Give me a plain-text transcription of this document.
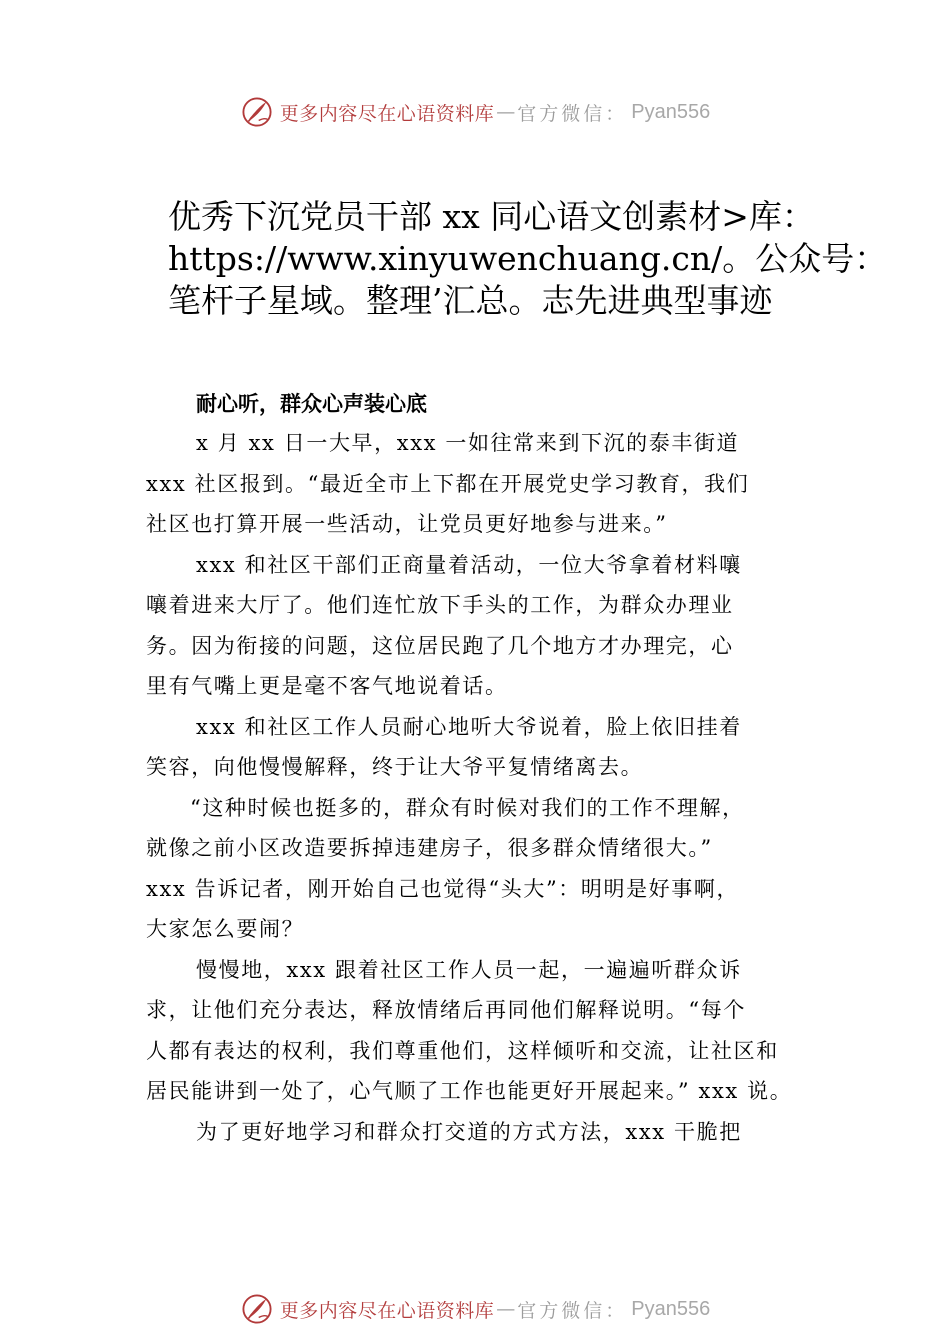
更多内容尽在心语资料库 — 官方微信： Pyan556
优秀下沉党员干部 xx 同心语文创素材>库：
https://www.xinyuwenchuang.cn/。公众号：
笔杆子星域。整理’汇总。志先进典型事迹
耐心听，群众心声装心底

x 月 xx 日一大早，xxx 一如往常来到下沉的泰丰街道
xxx 社区报到。“最近全市上下都在开展党史学习教育，我们
社区也打算开展一些活动，让党员更好地参与进来。”

xxx 和社区干部们正商量着活动，一位大爷拿着材料嚷
嚷着进来大厅了。他们连忙放下手头的工作，为群众办理业
务。因为衔接的问题，这位居民跑了几个地方才办理完，心
里有气嘴上更是毫不客气地说着话。

xxx 和社区工作人员耐心地听大爷说着，脸上依旧挂着
笑容，向他慢慢解释，终于让大爷平复情绪离去。

“这种时候也挺多的，群众有时候对我们的工作不理解，
就像之前小区改造要拆掉违建房子，很多群众情绪很大。”
xxx 告诉记者，刚开始自己也觉得“头大”：明明是好事啊，
大家怎么要闹？

慢慢地，xxx 跟着社区工作人员一起，一遍遍听群众诉
求，让他们充分表达，释放情绪后再同他们解释说明。“每个
人都有表达的权利，我们尊重他们，这样倾听和交流，让社区和
居民能讲到一处了，心气顺了工作也能更好开展起来。” xxx 说。

为了更好地学习和群众打交道的方式方法，xxx 干脆把

更多内容尽在心语资料库 — 官方微信： Pyan556
